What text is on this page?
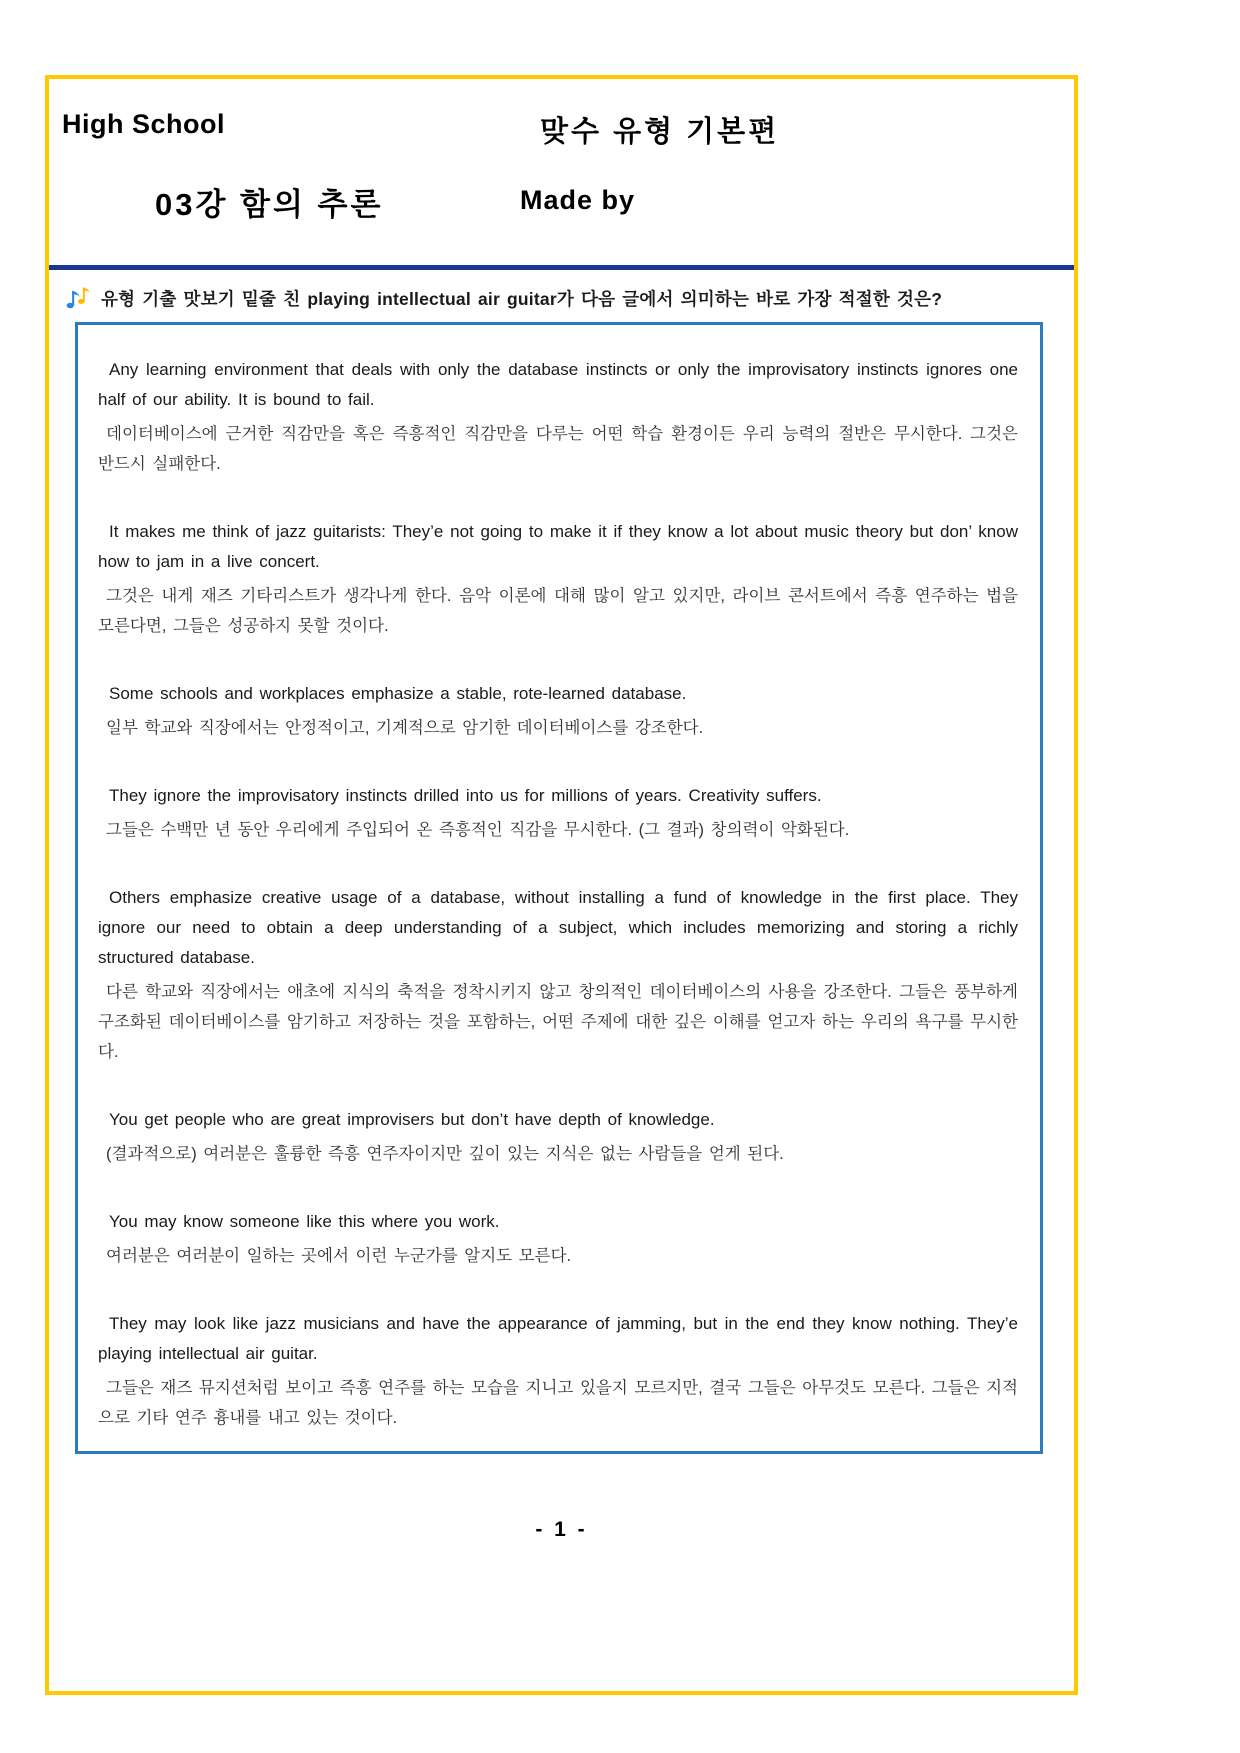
High School	맞수 유형 기본편
03강 함의 추론	Made by
유형 기출 맛보기 밑줄 친 playing intellectual air guitar가 다음 글에서 의미하는 바로 가장 적절한 것은?

Any learning environment that deals with only the database instincts or only the improvisatory instincts ignores one half of our ability. It is bound to fail.

데이터베이스에 근거한 직감만을 혹은 즉흥적인 직감만을 다루는 어떤 학습 환경이든 우리 능력의 절반은 무시한다. 그것은 반드시 실패한다.

It makes me think of jazz guitarists: They’e not going to make it if they know a lot about music theory but don’ know how to jam in a live concert.

그것은 내게 재즈 기타리스트가 생각나게 한다. 음악 이론에 대해 많이 알고 있지만, 라이브 콘서트에서 즉흥 연주하는 법을 모른다면, 그들은 성공하지 못할 것이다.

Some schools and workplaces emphasize a stable, rote-learned database.

일부 학교와 직장에서는 안정적이고, 기계적으로 암기한 데이터베이스를 강조한다.

They ignore the improvisatory instincts drilled into us for millions of years. Creativity suffers.

그들은 수백만 년 동안 우리에게 주입되어 온 즉흥적인 직감을 무시한다. (그 결과) 창의력이 악화된다.

Others emphasize creative usage of a database, without installing a fund of knowledge in the first place. They ignore our need to obtain a deep understanding of a subject, which includes memorizing and storing a richly structured database.

다른 학교와 직장에서는 애초에 지식의 축적을 정착시키지 않고 창의적인 데이터베이스의 사용을 강조한다. 그들은 풍부하게 구조화된 데이터베이스를 암기하고 저장하는 것을 포함하는, 어떤 주제에 대한 깊은 이해를 얻고자 하는 우리의 욕구를 무시한다.

You get people who are great improvisers but don’t have depth of knowledge.

(결과적으로) 여러분은 훌륭한 즉흥 연주자이지만 깊이 있는 지식은 없는 사람들을 얻게 된다.

You may know someone like this where you work.

여러분은 여러분이 일하는 곳에서 이런 누군가를 알지도 모른다.

They may look like jazz musicians and have the appearance of jamming, but in the end they know nothing. They’e playing intellectual air guitar.

그들은 재즈 뮤지션처럼 보이고 즉흥 연주를 하는 모습을 지니고 있을지 모르지만, 결국 그들은 아무것도 모른다. 그들은 지적으로 기타 연주 흉내를 내고 있는 것이다.

- 1 -
